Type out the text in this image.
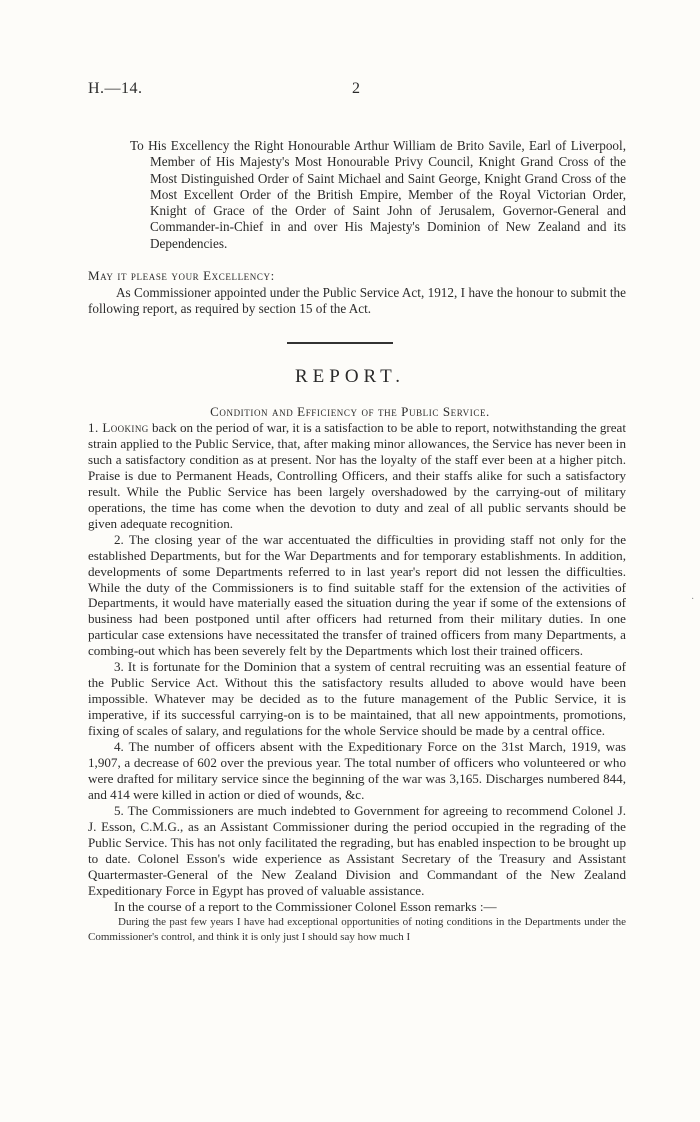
H.—14.	2

To His Excellency the Right Honourable Arthur William de Brito Savile, Earl of Liverpool, Member of His Majesty's Most Honourable Privy Council, Knight Grand Cross of the Most Distinguished Order of Saint Michael and Saint George, Knight Grand Cross of the Most Excellent Order of the British Empire, Member of the Royal Victorian Order, Knight of Grace of the Order of Saint John of Jerusalem, Governor-General and Commander-in-Chief in and over His Majesty's Dominion of New Zealand and its Dependencies.

May it please your Excellency:
As Commissioner appointed under the Public Service Act, 1912, I have the honour to submit the following report, as required by section 15 of the Act.
REPORT.
Condition and Efficiency of the Public Service.

1. Looking back on the period of war, it is a satisfaction to be able to report, notwithstanding the great strain applied to the Public Service, that, after making minor allowances, the Service has never been in such a satisfactory condition as at present. Nor has the loyalty of the staff ever been at a higher pitch. Praise is due to Permanent Heads, Controlling Officers, and their staffs alike for such a satisfactory result. While the Public Service has been largely overshadowed by the carrying-out of military operations, the time has come when the devotion to duty and zeal of all public servants should be given adequate recognition.

2. The closing year of the war accentuated the difficulties in providing staff not only for the established Departments, but for the War Departments and for temporary establishments. In addition, developments of some Departments referred to in last year's report did not lessen the difficulties. While the duty of the Commissioners is to find suitable staff for the extension of the activities of Departments, it would have materially eased the situation during the year if some of the extensions of business had been postponed until after officers had returned from their military duties. In one particular case extensions have necessitated the transfer of trained officers from many Departments, a combing-out which has been severely felt by the Departments which lost their trained officers.

3. It is fortunate for the Dominion that a system of central recruiting was an essential feature of the Public Service Act. Without this the satisfactory results alluded to above would have been impossible. Whatever may be decided as to the future management of the Public Service, it is imperative, if its successful carrying-on is to be maintained, that all new appointments, promotions, fixing of scales of salary, and regulations for the whole Service should be made by a central office.

4. The number of officers absent with the Expeditionary Force on the 31st March, 1919, was 1,907, a decrease of 602 over the previous year. The total number of officers who volunteered or who were drafted for military service since the beginning of the war was 3,165. Discharges numbered 844, and 414 were killed in action or died of wounds, &c.

5. The Commissioners are much indebted to Government for agreeing to recommend Colonel J. J. Esson, C.M.G., as an Assistant Commissioner during the period occupied in the regrading of the Public Service. This has not only facilitated the regrading, but has enabled inspection to be brought up to date. Colonel Esson's wide experience as Assistant Secretary of the Treasury and Assistant Quartermaster-General of the New Zealand Division and Commandant of the New Zealand Expeditionary Force in Egypt has proved of valuable assistance.

In the course of a report to the Commissioner Colonel Esson remarks :—

During the past few years I have had exceptional opportunities of noting conditions in the Departments under the Commissioner's control, and think it is only just I should say how much I

·
